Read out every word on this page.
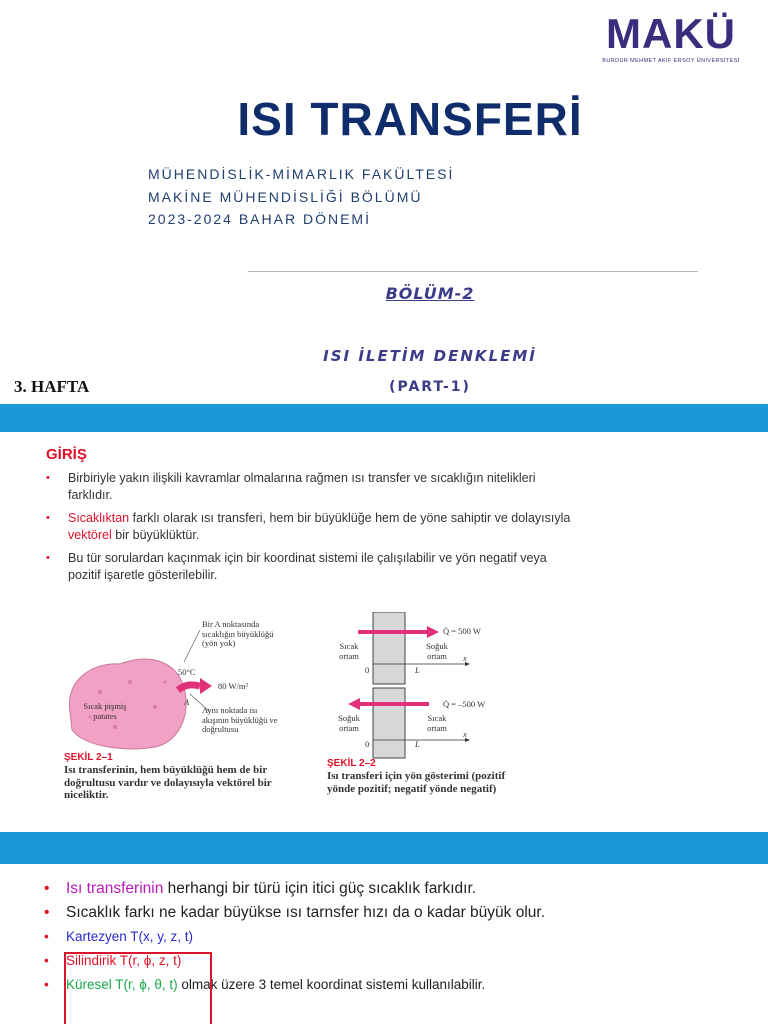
MAKÜ
BURDUR MEHMET AKİF ERSOY ÜNİVERSİTESİ
ISI TRANSFERİ
MÜHENDİSLİK-MİMARLIK FAKÜLTESİ
MAKİNE MÜHENDİSLİĞİ BÖLÜMÜ
2023-2024 BAHAR DÖNEMİ
BÖLÜM-2
ISI İLETİM DENKLEMİ
(PART-1)
3. HAFTA
GİRİŞ
• Birbiriyle yakın ilişkili kavramlar olmalarına rağmen ısı transfer ve sıcaklığın nitelikleri farklıdır.
• Sıcaklıktan farklı olarak ısı transferi, hem bir büyüklüğe hem de yöne sahiptir ve dolayısıyla vektörel bir büyüklüktür.
• Bu tür sorulardan kaçınmak için bir koordinat sistemi ile çalışılabilir ve yön negatif veya pozitif işaretle gösterilebilir.
Sıcak pişmiş patates
Bir A noktasında sıcaklığın büyüklüğü (yön yok)
50°C
A
80 W/m²
Aynı noktada ısı akışının büyüklüğü ve doğrultusu
ŞEKİL 2–1
Isı transferinin, hem büyüklüğü hem de bir doğrultusu vardır ve dolayısıyla vektörel bir niceliktir.
Q̇ = 500 W
Sıcak ortam
Soğuk ortam
0	L
x
Q̇ = –500 W
Soğuk ortam
Sıcak ortam
0	L
x
ŞEKİL 2–2
Isı transferi için yön gösterimi (pozitif yönde pozitif; negatif yönde negatif)
• Isı transferinin herhangi bir türü için itici güç sıcaklık farkıdır.
• Sıcaklık farkı ne kadar büyükse ısı tarnsfer hızı da o kadar büyük olur.
• Kartezyen T(x, y, z, t)
• Silindirik T(r, ϕ, z, t)
• Küresel T(r, ϕ, θ, t) olmak üzere 3 temel koordinat sistemi kullanılabilir.
